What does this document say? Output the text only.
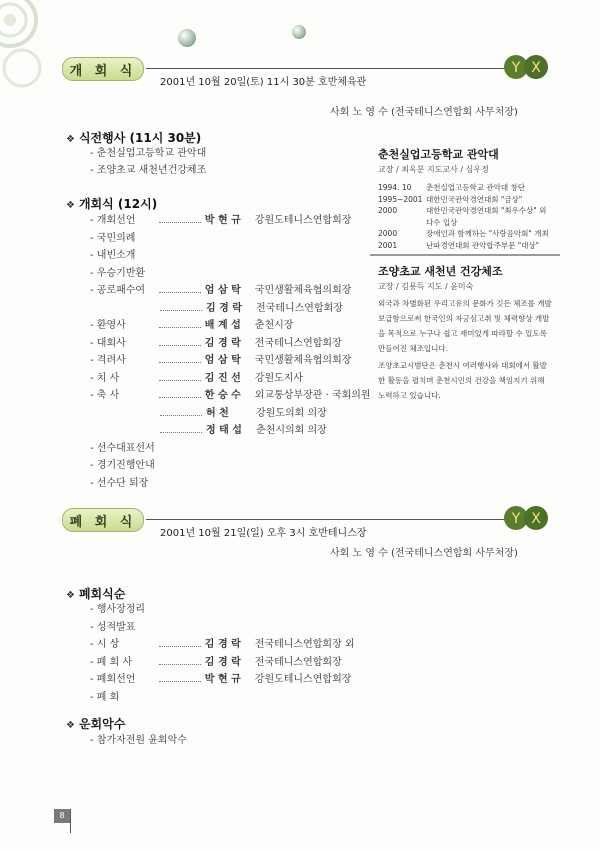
개 회 식
2001년 10월 20일(토) 11시 30분 호반체육관
Y X
사회 노 영 수 (전국테니스연합회 사무처장)
❖ 식전행사 (11시 30분)
- 춘천실업고등학교 관악대
- 조양초교 새천년건강체조
❖ 개회식 (12시)
- 개회선언	박 현 규 강원도테니스연합회장
- 국민의례
- 내빈소개
- 우승기반환
- 공로패수여	엄 삼 탁 국민생활체육협의회장
김 경 락 전국테니스연합회장
- 환영사	배 계 섭 춘천시장
- 대회사	김 경 락 전국테니스연합회장
- 격려사	엄 삼 탁 국민생활체육협의회장
- 치 사	김 진 선 강원도지사
- 축 사	한 승 수 외교통상부장관 · 국회의원
허 천	강원도의회 의장
정 태 섭 춘천시의회 의장
- 선수대표선서
- 경기진행안내
- 선수단 퇴장
춘천실업고등학교 관악대
교장 / 최옥분 지도교사 / 심우정
1994. 10 춘천실업고등학교 관악대 창단
1995~2001 대한민국관악경연대회 "금상"
2000	대한민국관악경연대회 "최우수상" 외
다수 입상
2000	장애인과 함께하는 "사랑음악회" 개최
2001	난파경연대회 관악합주부문 "대상"
조양초교 새천년 건강체조
교장 / 김용득 지도 / 윤미숙
외국과 차별화된 우리고유의 문화가 깃든 체조를 개발
보급함으로써 한국인의 자긍심고취 및 체력향상 개발
을 목적으로 누구나 쉽고 재미있게 따라할 수 있도록
만들어진 체조입니다.
조양초교시범단은 춘천시 여러행사와 대회에서 활발
한 활동을 펼치며 춘천시민의 건강을 책임지기 위해
노력하고 있습니다.
폐 회 식
2001년 10월 21일(일) 오후 3시 호반테니스장
Y X
사회 노 영 수 (전국테니스연합회 사무처장)
❖ 폐회식순
- 행사장정리
- 성적발표
- 시 상	김 경 락 전국테니스연합회장 외
- 폐 회 사	김 경 락 전국테니스연합회장
- 폐회선언	박 현 규 강원도테니스연합회장
- 폐 회
❖ 운회악수
- 참가자전원 윤회악수
8
